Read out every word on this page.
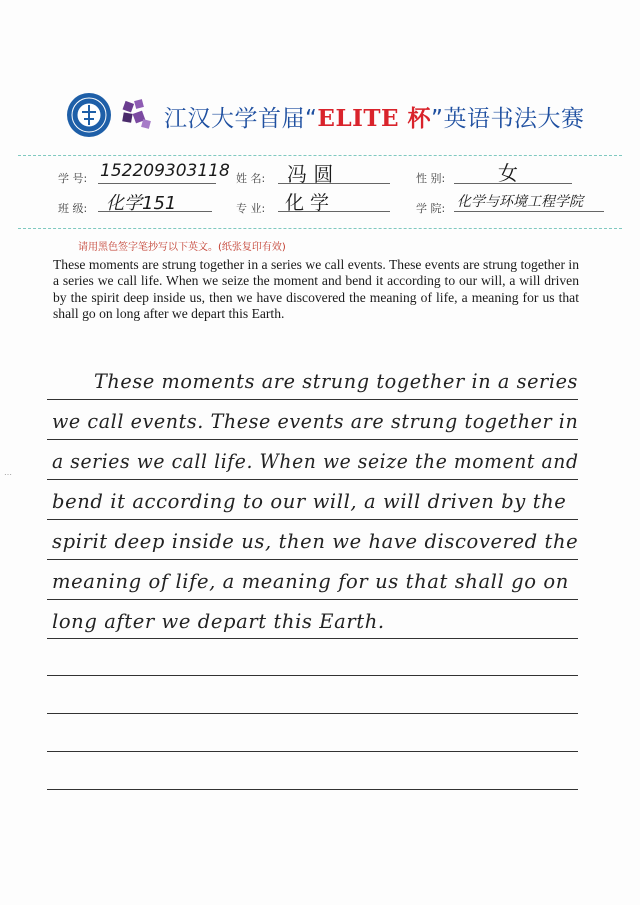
江汉大学首届“ELITE 杯”英语书法大赛
学 号: 152209303118 姓 名: 冯 圆	性 别:	女
班 级: 化学151	专 业: 化 学	学 院: 化学与环境工程学院
请用黑色签字笔抄写以下英文。(纸张复印有效)
These moments are strung together in a series we call events. These events are strung together in a series we call life. When we seize the moment and bend it according to our will, a will driven by the spirit deep inside us, then we have discovered the meaning of life, a meaning for us that shall go on long after we depart this Earth.
…
These moments are strung together in a series
we call events. These events are strung together in
a series we call life. When we seize the moment and
bend it according to our will, a will driven by the
spirit deep inside us, then we have discovered the
meaning of life, a meaning for us that shall go on
long after we depart this Earth.
